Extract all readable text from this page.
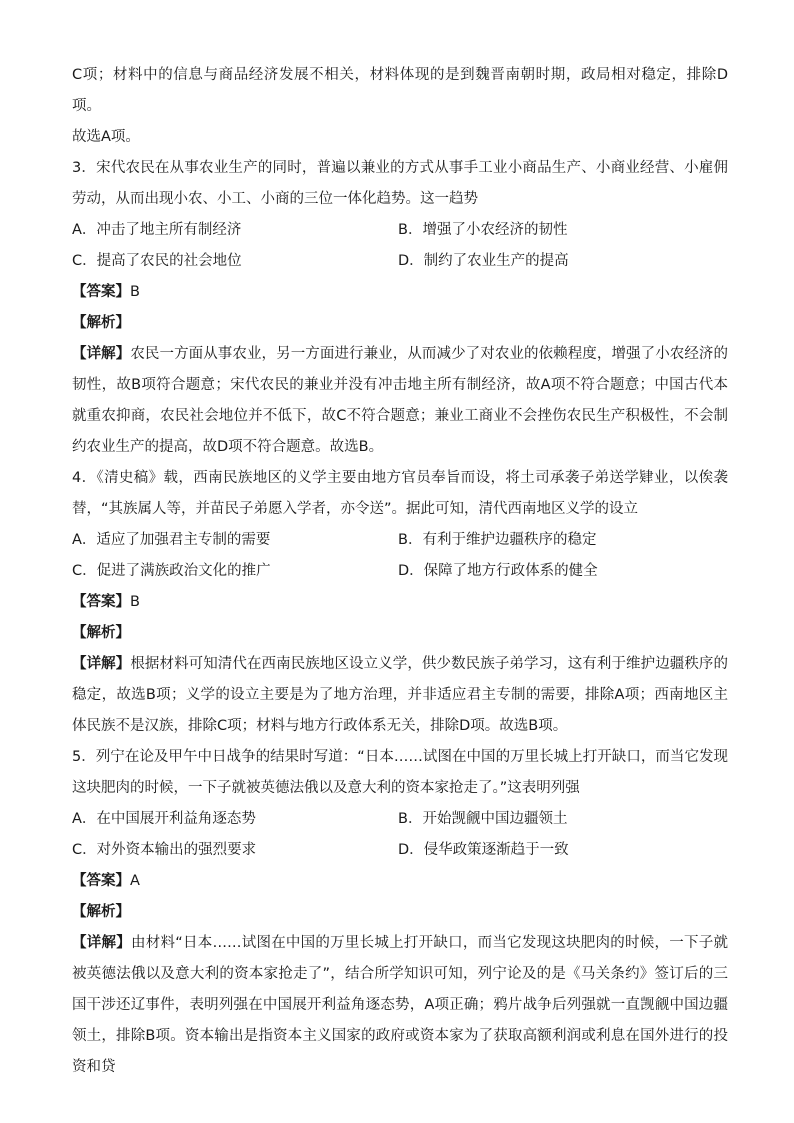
C项；材料中的信息与商品经济发展不相关，材料体现的是到魏晋南朝时期，政局相对稳定，排除D项。

故选A项。

3．宋代农民在从事农业生产的同时，普遍以兼业的方式从事手工业小商品生产、小商业经营、小雇佣劳动，从而出现小农、小工、小商的三位一体化趋势。这一趋势

A．冲击了地主所有制经济	B．增强了小农经济的韧性
C．提高了农民的社会地位	D．制约了农业生产的提高

【答案】B

【解析】

【详解】农民一方面从事农业，另一方面进行兼业，从而减少了对农业的依赖程度，增强了小农经济的韧性，故B项符合题意；宋代农民的兼业并没有冲击地主所有制经济，故A项不符合题意；中国古代本就重农抑商，农民社会地位并不低下，故C不符合题意；兼业工商业不会挫伤农民生产积极性，不会制约农业生产的提高，故D项不符合题意。故选B。

4．《清史稿》载，西南民族地区的义学主要由地方官员奉旨而设，将土司承袭子弟送学肄业，以俟袭替，“其族属人等，并苗民子弟愿入学者，亦令送”。据此可知，清代西南地区义学的设立

A．适应了加强君主专制的需要	B．有利于维护边疆秩序的稳定
C．促进了满族政治文化的推广	D．保障了地方行政体系的健全

【答案】B

【解析】

【详解】根据材料可知清代在西南民族地区设立义学，供少数民族子弟学习，这有利于维护边疆秩序的稳定，故选B项；义学的设立主要是为了地方治理，并非适应君主专制的需要，排除A项；西南地区主体民族不是汉族，排除C项；材料与地方行政体系无关，排除D项。故选B项。

5．列宁在论及甲午中日战争的结果时写道：“日本……试图在中国的万里长城上打开缺口，而当它发现这块肥肉的时候，一下子就被英德法俄以及意大利的资本家抢走了。”这表明列强

A．在中国展开利益角逐态势	B．开始觊觎中国边疆领土
C．对外资本输出的强烈要求	D．侵华政策逐渐趋于一致

【答案】A

【解析】

【详解】由材料“日本……试图在中国的万里长城上打开缺口，而当它发现这块肥肉的时候，一下子就被英德法俄以及意大利的资本家抢走了”，结合所学知识可知，列宁论及的是《马关条约》签订后的三国干涉还辽事件，表明列强在中国展开利益角逐态势，A项正确；鸦片战争后列强就一直觊觎中国边疆领土，排除B项。资本输出是指资本主义国家的政府或资本家为了获取高额利润或利息在国外进行的投资和贷
